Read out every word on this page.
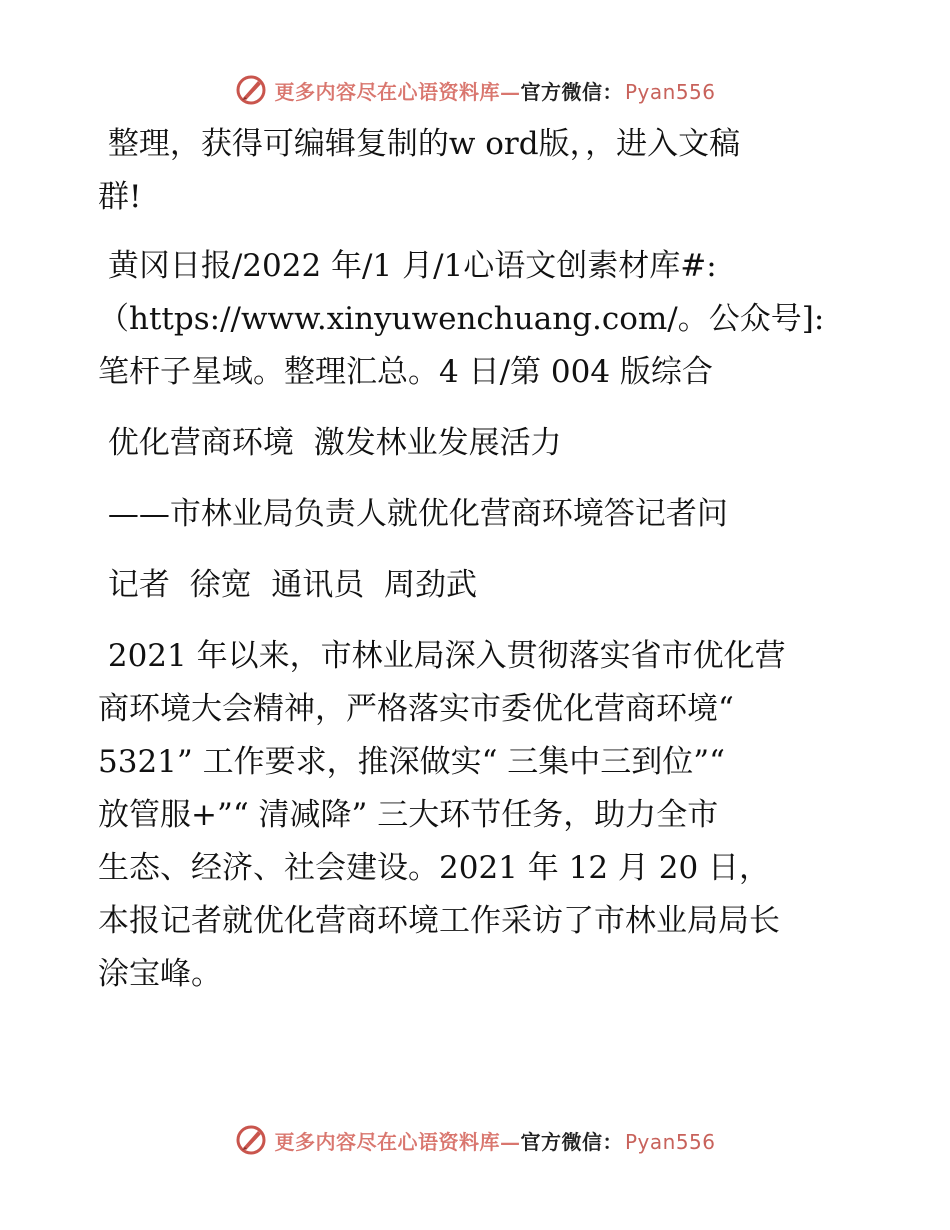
更多内容尽在心语资料库—官方微信： Pyan556

整理，获得可编辑复制的w ord版，，进入文稿
群!

黄冈日报/2022 年/1 月/1心语文创素材库#:
（https://www.xinyuwenchuang.com/。公众号]:
笔杆子星域。整理汇总。4 日/第 004 版综合

优化营商环境  激发林业发展活力

——市林业局负责人就优化营商环境答记者问

记者  徐宽  通讯员  周劲武

2021 年以来，市林业局深入贯彻落实省市优化营
商环境大会精神，严格落实市委优化营商环境“
5321” 工作要求，推深做实“ 三集中三到位”“
放管服+”“ 清减降” 三大环节任务，助力全市
生态、经济、社会建设。2021 年 12 月 20 日，
本报记者就优化营商环境工作采访了市林业局局长
涂宝峰。

更多内容尽在心语资料库—官方微信： Pyan556
